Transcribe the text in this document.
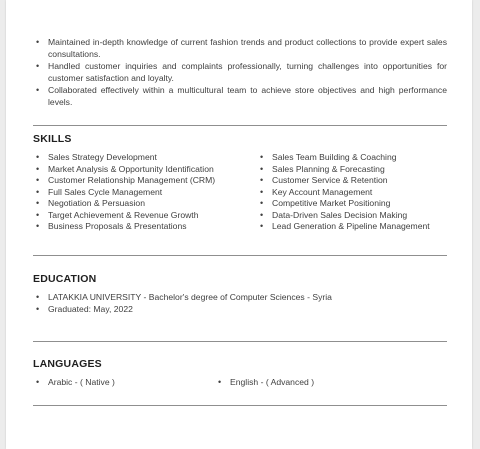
• Maintained in-depth knowledge of current fashion trends and product collections to provide expert sales consultations.
• Handled customer inquiries and complaints professionally, turning challenges into opportunities for customer satisfaction and loyalty.
• Collaborated effectively within a multicultural team to achieve store objectives and high performance levels.
SKILLS
• Sales Strategy Development
• Market Analysis & Opportunity Identification
• Customer Relationship Management (CRM)
• Full Sales Cycle Management
• Negotiation & Persuasion
• Target Achievement & Revenue Growth
• Business Proposals & Presentations
• Sales Team Building & Coaching
• Sales Planning & Forecasting
• Customer Service & Retention
• Key Account Management
• Competitive Market Positioning
• Data-Driven Sales Decision Making
• Lead Generation & Pipeline Management
EDUCATION
• LATAKKIA UNIVERSITY - Bachelor's degree of Computer Sciences - Syria
• Graduated: May, 2022
LANGUAGES
• Arabic - ( Native )
•	English - ( Advanced )
